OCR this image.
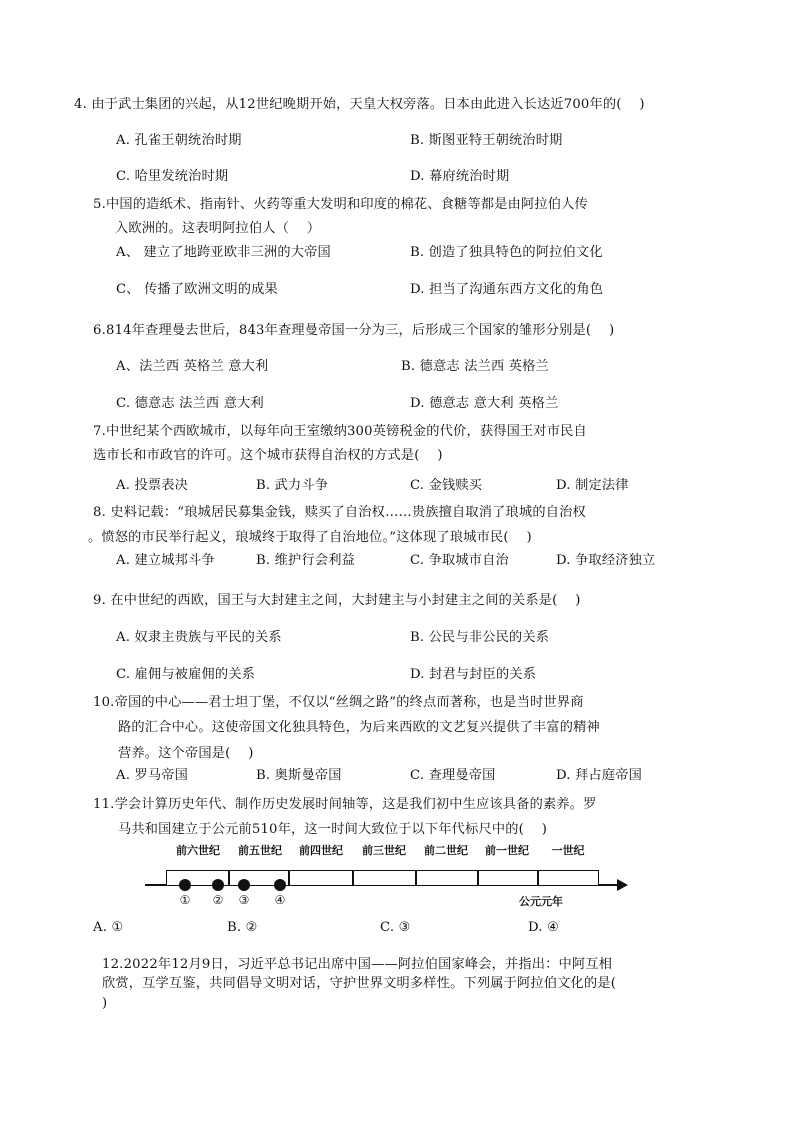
4. 由于武士集团的兴起，从12世纪晚期开始，天皇大权旁落。日本由此进入长达近700年的(　 )
A. 孔雀王朝统治时期	B. 斯图亚特王朝统治时期
C. 哈里发统治时期	D. 幕府统治时期
5.中国的造纸术、指南针、火药等重大发明和印度的棉花、食糖等都是由阿拉伯人传
入欧洲的。这表明阿拉伯人（　 ）
A、 建立了地跨亚欧非三洲的大帝国	B. 创造了独具特色的阿拉伯文化
C、 传播了欧洲文明的成果	D. 担当了沟通东西方文化的角色
6.814年查理曼去世后，843年查理曼帝国一分为三，后形成三个国家的雏形分别是(　 )
A、法兰西 英格兰 意大利	B. 德意志 法兰西 英格兰
C. 德意志 法兰西 意大利	D. 德意志 意大利 英格兰
7.中世纪某个西欧城市，以每年向王室缴纳300英镑税金的代价，获得国王对市民自
选市长和市政官的许可。这个城市获得自治权的方式是(　 )
A. 投票表决	B. 武力斗争	C. 金钱赎买	D. 制定法律
8. 史料记载：“琅城居民募集金钱，赎买了自治权……贵族擅自取消了琅城的自治权
。愤怒的市民举行起义，琅城终于取得了自治地位。”这体现了琅城市民(　 )
A. 建立城邦斗争	B. 维护行会利益	C. 争取城市自治	D. 争取经济独立
9. 在中世纪的西欧，国王与大封建主之间，大封建主与小封建主之间的关系是(　 )
A. 奴隶主贵族与平民的关系	B. 公民与非公民的关系
C. 雇佣与被雇佣的关系	D. 封君与封臣的关系
10.帝国的中心——君士坦丁堡，不仅以“丝绸之路”的终点而著称，也是当时世界商
路的汇合中心。这使帝国文化独具特色，为后来西欧的文艺复兴提供了丰富的精神
营养。这个帝国是(　 )
A. 罗马帝国	B. 奥斯曼帝国	C. 查理曼帝国	D. 拜占庭帝国
11.学会计算历史年代、制作历史发展时间轴等，这是我们初中生应该具备的素养。罗
马共和国建立于公元前510年，这一时间大致位于以下年代标尺中的(　 )
前六世纪	前五世纪	前四世纪	前三世纪	前二世纪	前一世纪	一世纪
①	②	③	④	公元元年
A. ①	B. ②	C. ③	D. ④
12.2022年12月9日，习近平总书记出席中国——阿拉伯国家峰会，并指出：中阿互相
欣赏，互学互鉴，共同倡导文明对话，守护世界文明多样性。下列属于阿拉伯文化的是(
)
